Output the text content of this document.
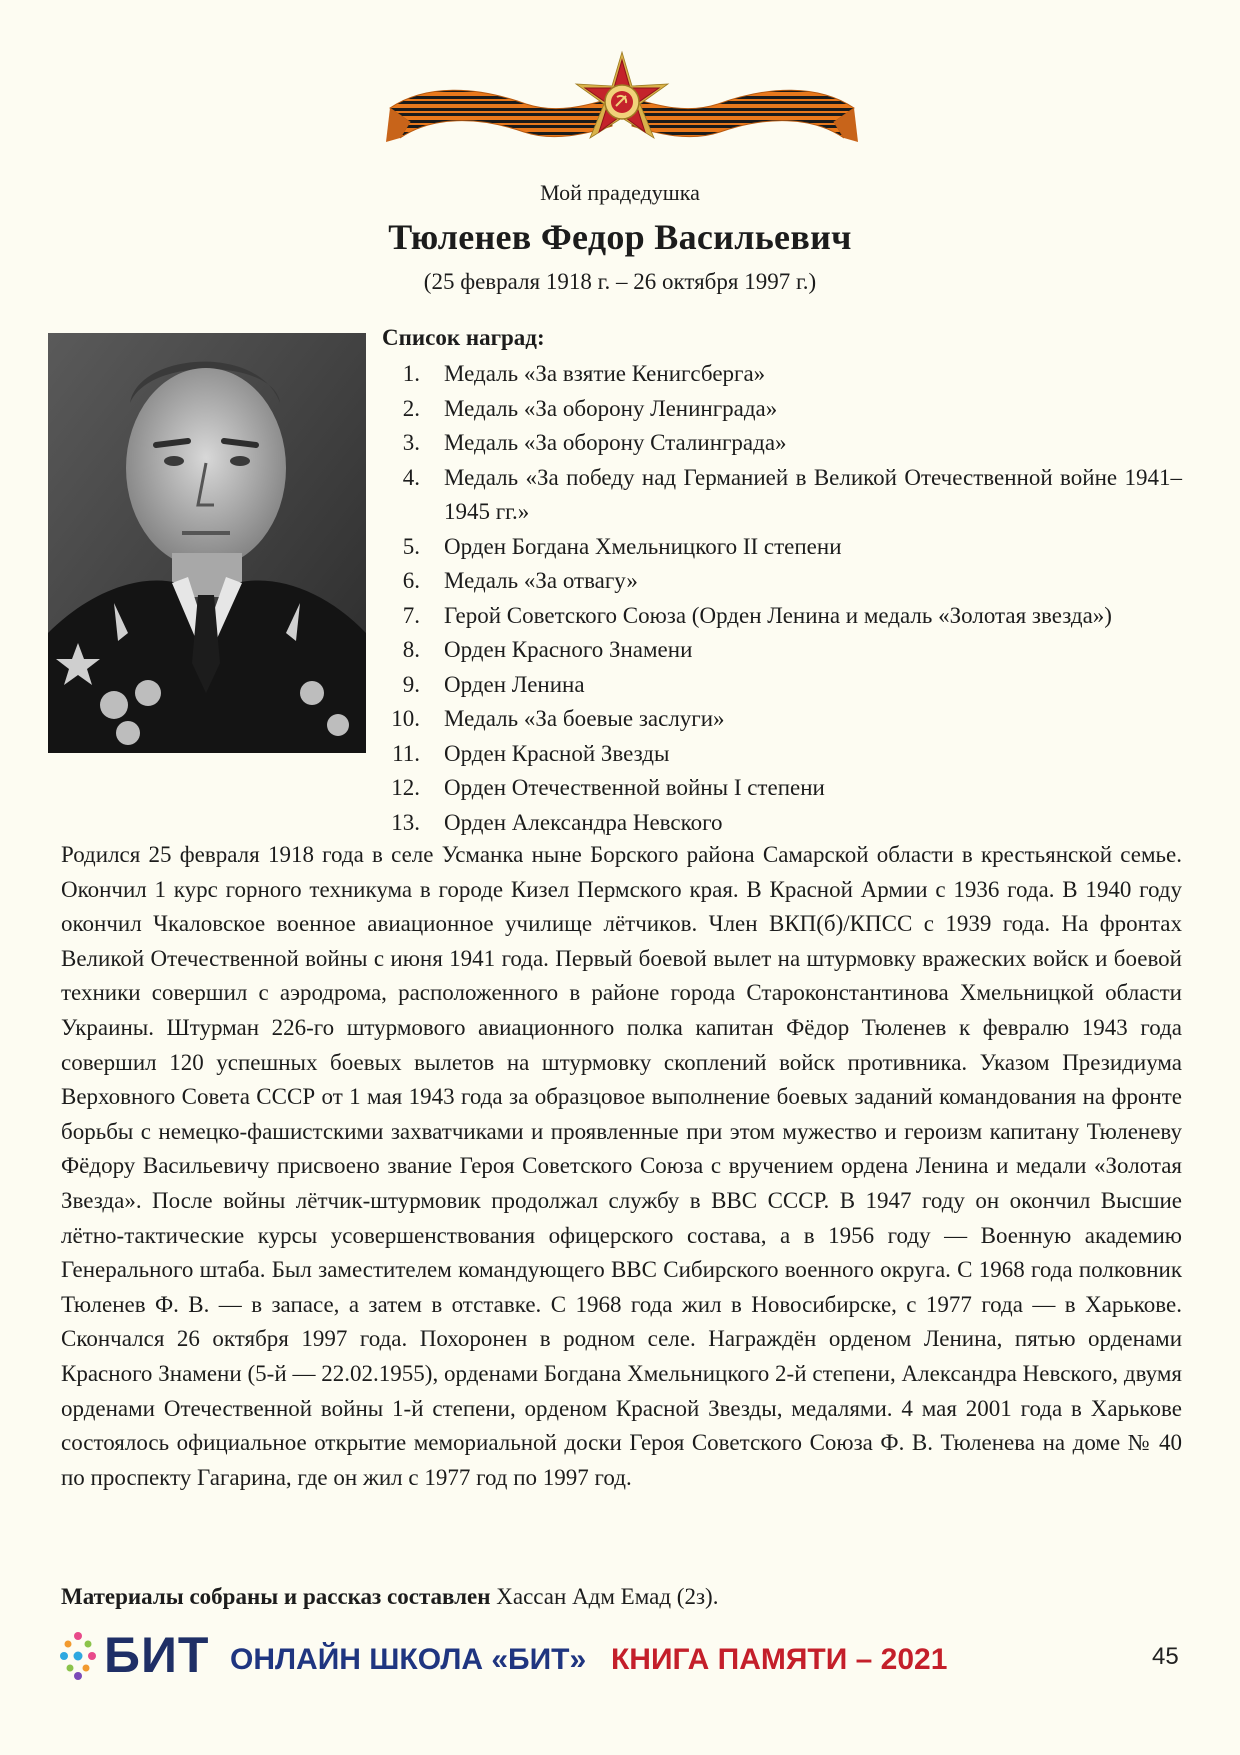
Мой прадедушка
Тюленев Федор Васильевич
(25 февраля 1918 г. – 26 октября 1997 г.)
Список наград:
1. Медаль «За взятие Кенигсберга»
2. Медаль «За оборону Ленинграда»
3. Медаль «За оборону Сталинграда»
4. Медаль «За победу над Германией в Великой Отечественной войне 1941–1945 гг.»
5. Орден Богдана Хмельницкого II степени
6. Медаль «За отвагу»
7. Герой Советского Союза (Орден Ленина и медаль «Золотая звезда»)
8. Орден Красного Знамени
9. Орден Ленина
10. Медаль «За боевые заслуги»
11. Орден Красной Звезды
12. Орден Отечественной войны I степени
13. Орден Александра Невского

Родился 25 февраля 1918 года в селе Усманка ныне Борского района Самарской области в крестьянской семье. Окончил 1 курс горного техникума в городе Кизел Пермского края. В Красной Армии с 1936 года. В 1940 году окончил Чкаловское военное авиационное училище лётчиков. Член ВКП(б)/КПСС с 1939 года. На фронтах Великой Отечественной войны с июня 1941 года. Первый боевой вылет на штурмовку вражеских войск и боевой техники совершил с аэродрома, расположенного в районе города Староконстантинова Хмельницкой области Украины. Штурман 226-го штурмового авиационного полка капитан Фёдор Тюленев к февралю 1943 года совершил 120 успешных боевых вылетов на штурмовку скоплений войск противника. Указом Президиума Верховного Совета СССР от 1 мая 1943 года за образцовое выполнение боевых заданий командования на фронте борьбы с немецко-фашистскими захватчиками и проявленные при этом мужество и героизм капитану Тюленеву Фёдору Васильевичу присвоено звание Героя Советского Союза с вручением ордена Ленина и медали «Золотая Звезда». После войны лётчик-штурмовик продолжал службу в ВВС СССР. В 1947 году он окончил Высшие лётно-тактические курсы усовершенствования офицерского состава, а в 1956 году — Военную академию Генерального штаба. Был заместителем командующего ВВС Сибирского военного округа. С 1968 года полковник Тюленев Ф. В. — в запасе, а затем в отставке. С 1968 года жил в Новосибирске, с 1977 года — в Харькове. Скончался 26 октября 1997 года. Похоронен в родном селе. Награждён орденом Ленина, пятью орденами Красного Знамени (5-й — 22.02.1955), орденами Богдана Хмельницкого 2-й степени, Александра Невского, двумя орденами Отечественной войны 1-й степени, орденом Красной Звезды, медалями. 4 мая 2001 года в Харькове состоялось официальное открытие мемориальной доски Героя Советского Союза Ф. В. Тюленева на доме № 40 по проспекту Гагарина, где он жил с 1977 год по 1997 год.

Материалы собраны и рассказ составлен Хассан Адм Емад (2з).
БИТ ОНЛАЙН ШКОЛА «БИТ» КНИГА ПАМЯТИ – 2021	45
